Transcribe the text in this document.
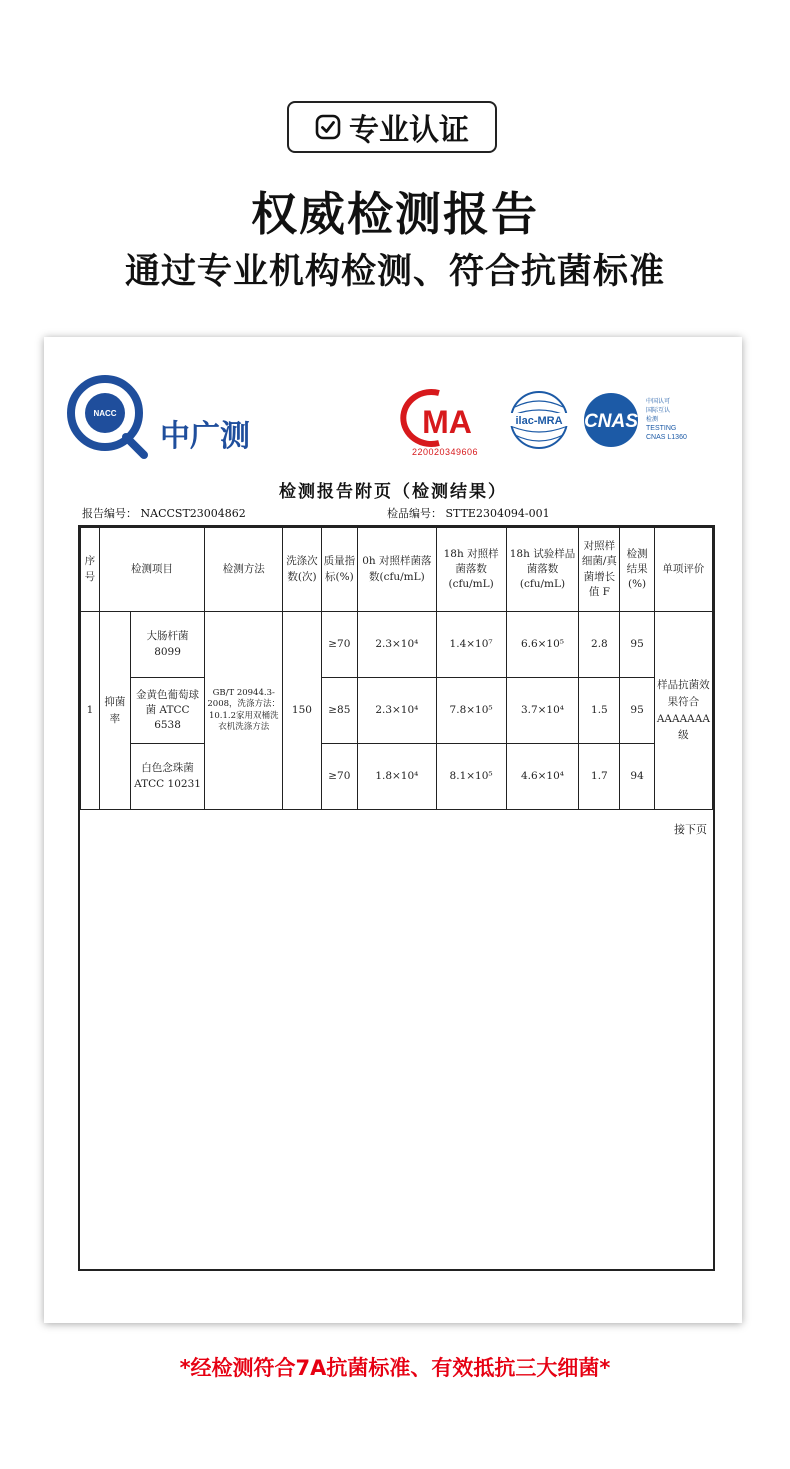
专业认证
权威检测报告
通过专业机构检测、符合抗菌标准
NACC
中广测	MA
220020349606
ilac-MRA CNAS
中国认可
国际互认
检测
TESTING
CNAS L1360
检测报告附页（检测结果）
报告编号： NACCST23004862	检品编号： STTE2304094-001
序号	检测项目		检测方法	洗涤次数(次)	质量指标(%)	0h 对照样菌落数(cfu/mL)	18h 对照样菌落数(cfu/mL)	18h 试验样品菌落数(cfu/mL)	对照样细菌/真菌增长值 F	检测结果(%)	单项评价
1	抑菌率	大肠杆菌 8099	GB/T 20944.3-2008，洗涤方法：10.1.2家用双桶洗衣机洗涤方法	150	≥70	2.3×10⁴	1.4×10⁷	6.6×10⁵	2.8	95	样品抗菌效果符合AAAAAAA级
		金黄色葡萄球菌 ATCC 6538			≥85	2.3×10⁴	7.8×10⁵	3.7×10⁴	1.5	95	
		白色念珠菌 ATCC 10231			≥70	1.8×10⁴	8.1×10⁵	4.6×10⁴	1.7	94	
接下页
*经检测符合7A抗菌标准、有效抵抗三大细菌*
